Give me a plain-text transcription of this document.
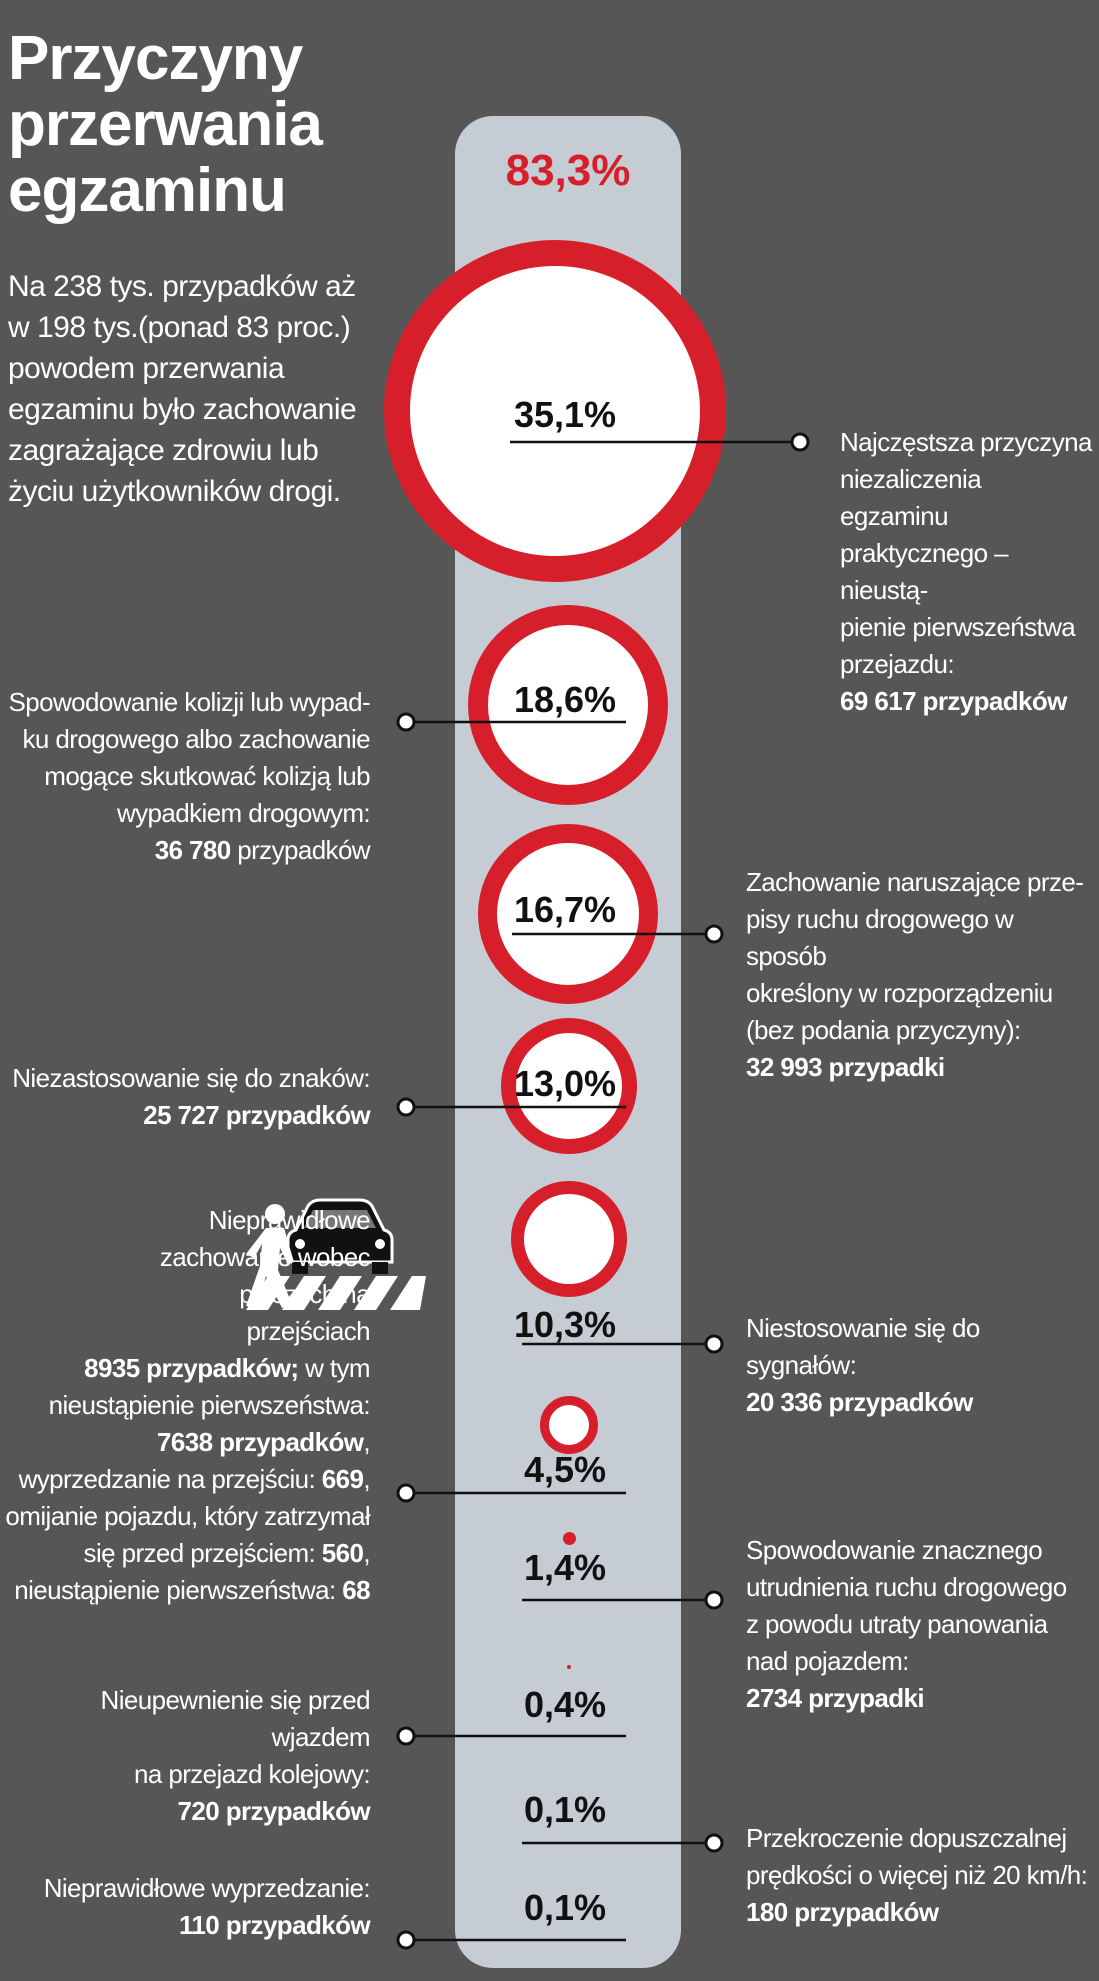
Przyczyny przerwania egzaminu
Na 238 tys. przypadków aż w 198 tys.(ponad 83 proc.) powodem przerwania egzaminu było zachowanie zagrażające zdrowiu lub życiu użytkowników drogi.
83,3%
35,1%
18,6%
16,7%
13,0%
10,3%
4,5%
1,4%
0,4%
0,1%
0,1%
Najczęstsza przyczyna
niezaliczenia egzaminu
praktycznego – nieustą-
pienie pierwszeństwa
przejazdu:
69 617 przypadków
Spowodowanie kolizji lub wypad-
ku drogowego albo zachowanie
mogące skutkować kolizją lub
wypadkiem drogowym:
36 780 przypadków
Zachowanie naruszające prze-
pisy ruchu drogowego w sposób
określony w rozporządzeniu
(bez podania przyczyny):
32 993 przypadki
Niezastosowanie się do znaków:
25 727 przypadków
Niestosowanie się do sygnałów:
20 336 przypadków
Nieprawidłowe
zachowanie wobec
pieszych na
przejściach
8935 przypadków; w tym
nieustąpienie pierwszeństwa:
7638 przypadków,
wyprzedzanie na przejściu: 669,
omijanie pojazdu, który zatrzymał
się przed przejściem: 560,
nieustąpienie pierwszeństwa: 68
Spowodowanie znacznego
utrudnienia ruchu drogowego
z powodu utraty panowania
nad pojazdem:
2734 przypadki
Nieupewnienie się przed wjazdem
na przejazd kolejowy:
720 przypadków
Przekroczenie dopuszczalnej
prędkości o więcej niż 20 km/h:
180 przypadków
Nieprawidłowe wyprzedzanie:
110 przypadków
